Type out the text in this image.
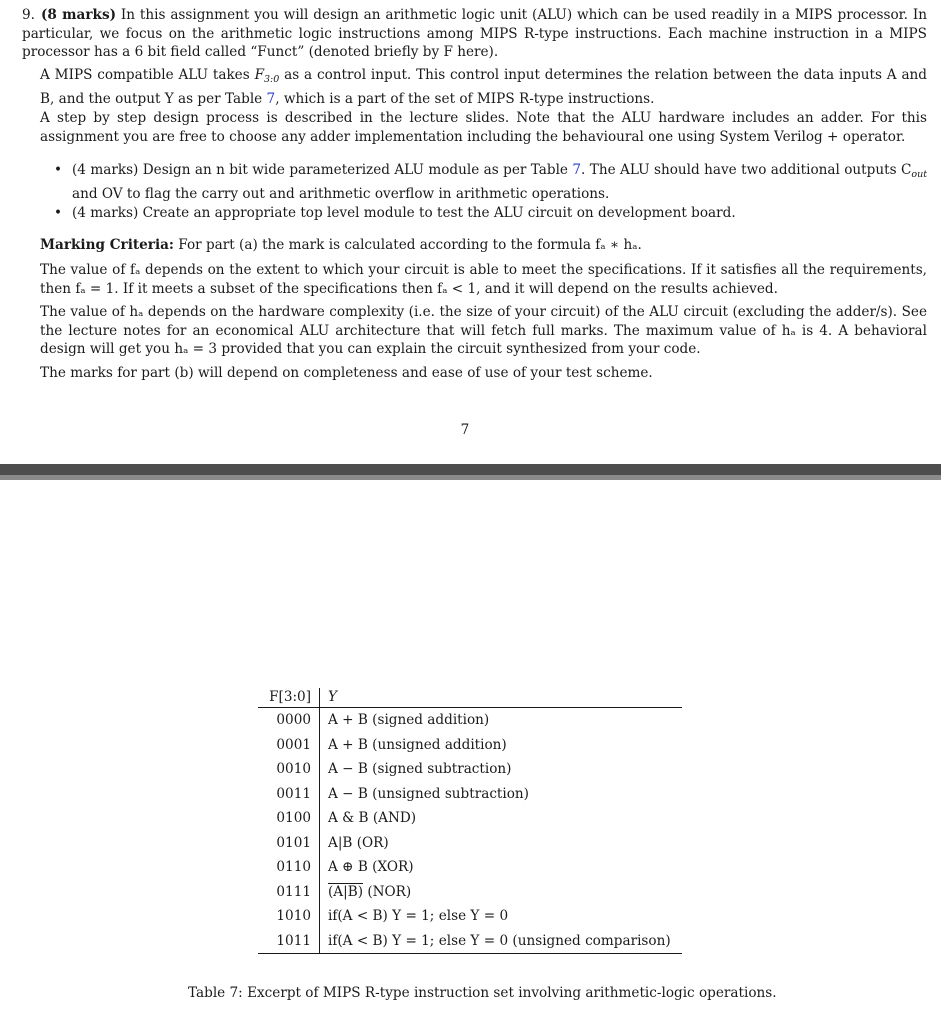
9. (8 marks) In this assignment you will design an arithmetic logic unit (ALU) which can be used readily in a MIPS processor. In particular, we focus on the arithmetic logic instructions among MIPS R-type instructions. Each machine instruction in a MIPS processor has a 6 bit field called “Funct” (denoted briefly by F here).

A MIPS compatible ALU takes $F_{3:0}$ as a control input. This control input determines the relation between the data inputs A and B, and the output Y as per Table 7, which is a part of the set of MIPS R-type instructions.

A step by step design process is described in the lecture slides. Note that the ALU hardware includes an adder. For this assignment you are free to choose any adder implementation including the behavioural one using System Verilog + operator.

• (4 marks) Design an n bit wide parameterized ALU module as per Table 7. The ALU should have two additional outputs $C_{out}$ and OV to flag the carry out and arithmetic overflow in arithmetic operations.
• (4 marks) Create an appropriate top level module to test the ALU circuit on development board.

Marking Criteria: For part (a) the mark is calculated according to the formula fₐ ∗ hₐ.

The value of fₐ depends on the extent to which your circuit is able to meet the specifications. If it satisfies all the requirements, then fₐ = 1. If it meets a subset of the specifications then fₐ < 1, and it will depend on the results achieved.

The value of hₐ depends on the hardware complexity (i.e. the size of your circuit) of the ALU circuit (excluding the adder/s). See the lecture notes for an economical ALU architecture that will fetch full marks. The maximum value of hₐ is 4. A behavioral design will get you hₐ = 3 provided that you can explain the circuit synthesized from your code.

The marks for part (b) will depend on completeness and ease of use of your test scheme.

7
F[3:0]	Y
0000	A + B (signed addition)
0001	A + B (unsigned addition)
0010	A − B (signed subtraction)
0011	A − B (unsigned subtraction)
0100	A & B (AND)
0101	A|B (OR)
0110	A ⊕ B (XOR)
0111	(A|B) (NOR)
1010	if(A < B) Y = 1; else Y = 0
1011	if(A < B) Y = 1; else Y = 0 (unsigned comparison)
Table 7: Excerpt of MIPS R-type instruction set involving arithmetic-logic operations.
